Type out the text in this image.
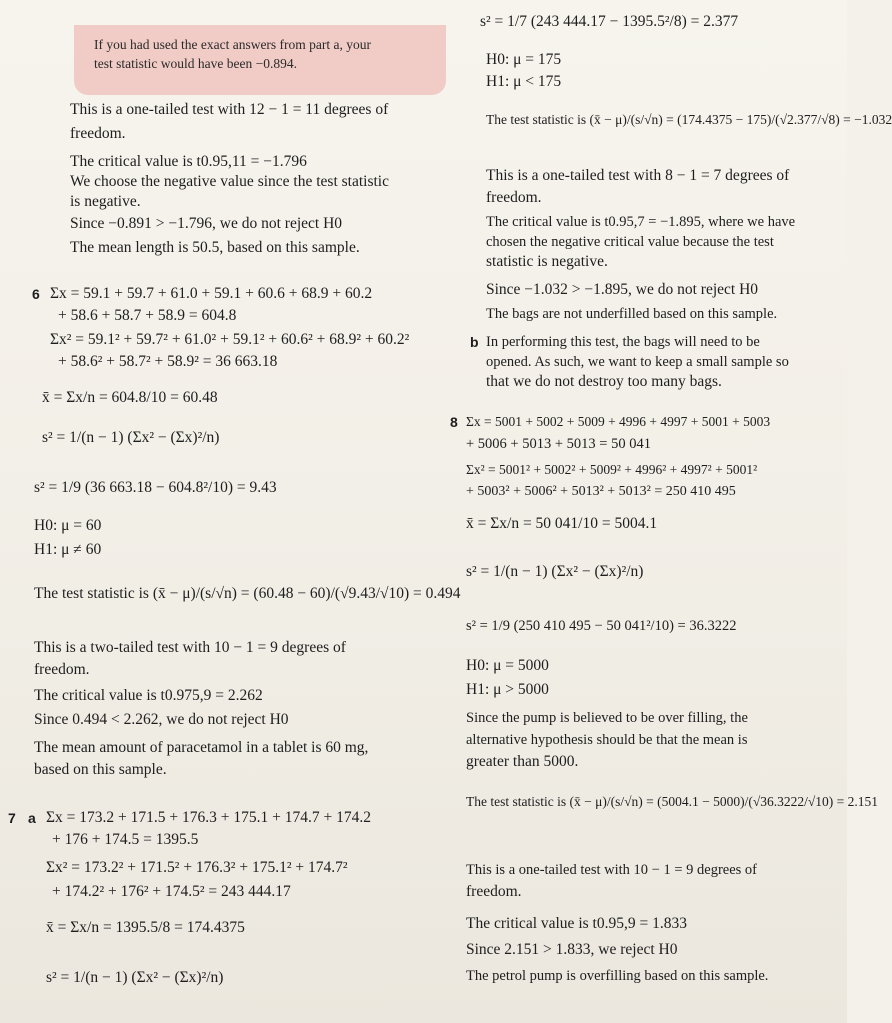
If you had used the exact answers from part a, your
test statistic would have been −0.894.
This is a one-tailed test with 12 − 1 = 11 degrees of
freedom.
The critical value is t0.95,11 = −1.796
We choose the negative value since the test statistic
is negative.
Since −0.891 > −1.796, we do not reject H0
The mean length is 50.5, based on this sample.
6 Σx = 59.1 + 59.7 + 61.0 + 59.1 + 60.6 + 68.9 + 60.2
+ 58.6 + 58.7 + 58.9 = 604.8
Σx² = 59.1² + 59.7² + 61.0² + 59.1² + 60.6² + 68.9² + 60.2²
+ 58.6² + 58.7² + 58.9² = 36 663.18
x̄ = Σx/n = 604.8/10 = 60.48
s² = 1/(n − 1) (Σx² − (Σx)²/n)
s² = 1/9 (36 663.18 − 604.8²/10) = 9.43
H0: μ = 60
H1: μ ≠ 60
The test statistic is (x̄ − μ)/(s/√n) = (60.48 − 60)/(√9.43/√10) = 0.494
This is a two-tailed test with 10 − 1 = 9 degrees of
freedom.
The critical value is t0.975,9 = 2.262
Since 0.494 < 2.262, we do not reject H0
The mean amount of paracetamol in a tablet is 60 mg,
based on this sample.
7 a Σx = 173.2 + 171.5 + 176.3 + 175.1 + 174.7 + 174.2
+ 176 + 174.5 = 1395.5
Σx² = 173.2² + 171.5² + 176.3² + 175.1² + 174.7²
+ 174.2² + 176² + 174.5² = 243 444.17
x̄ = Σx/n = 1395.5/8 = 174.4375
s² = 1/(n − 1) (Σx² − (Σx)²/n)
s² = 1/7 (243 444.17 − 1395.5²/8) = 2.377
H0: μ = 175
H1: μ < 175
The test statistic is (x̄ − μ)/(s/√n) = (174.4375 − 175)/(√2.377/√8) = −1.032
This is a one-tailed test with 8 − 1 = 7 degrees of
freedom.
The critical value is t0.95,7 = −1.895, where we have
chosen the negative critical value because the test
statistic is negative.
Since −1.032 > −1.895, we do not reject H0
The bags are not underfilled based on this sample.
b In performing this test, the bags will need to be
opened. As such, we want to keep a small sample so
that we do not destroy too many bags.
8 Σx = 5001 + 5002 + 5009 + 4996 + 4997 + 5001 + 5003
+ 5006 + 5013 + 5013 = 50 041
Σx² = 5001² + 5002² + 5009² + 4996² + 4997² + 5001²
+ 5003² + 5006² + 5013² + 5013² = 250 410 495
x̄ = Σx/n = 50 041/10 = 5004.1
s² = 1/(n − 1) (Σx² − (Σx)²/n)
s² = 1/9 (250 410 495 − 50 041²/10) = 36.3222
H0: μ = 5000
H1: μ > 5000
Since the pump is believed to be over filling, the
alternative hypothesis should be that the mean is
greater than 5000.
The test statistic is (x̄ − μ)/(s/√n) = (5004.1 − 5000)/(√36.3222/√10) = 2.151
This is a one-tailed test with 10 − 1 = 9 degrees of
freedom.
The critical value is t0.95,9 = 1.833
Since 2.151 > 1.833, we reject H0
The petrol pump is overfilling based on this sample.
